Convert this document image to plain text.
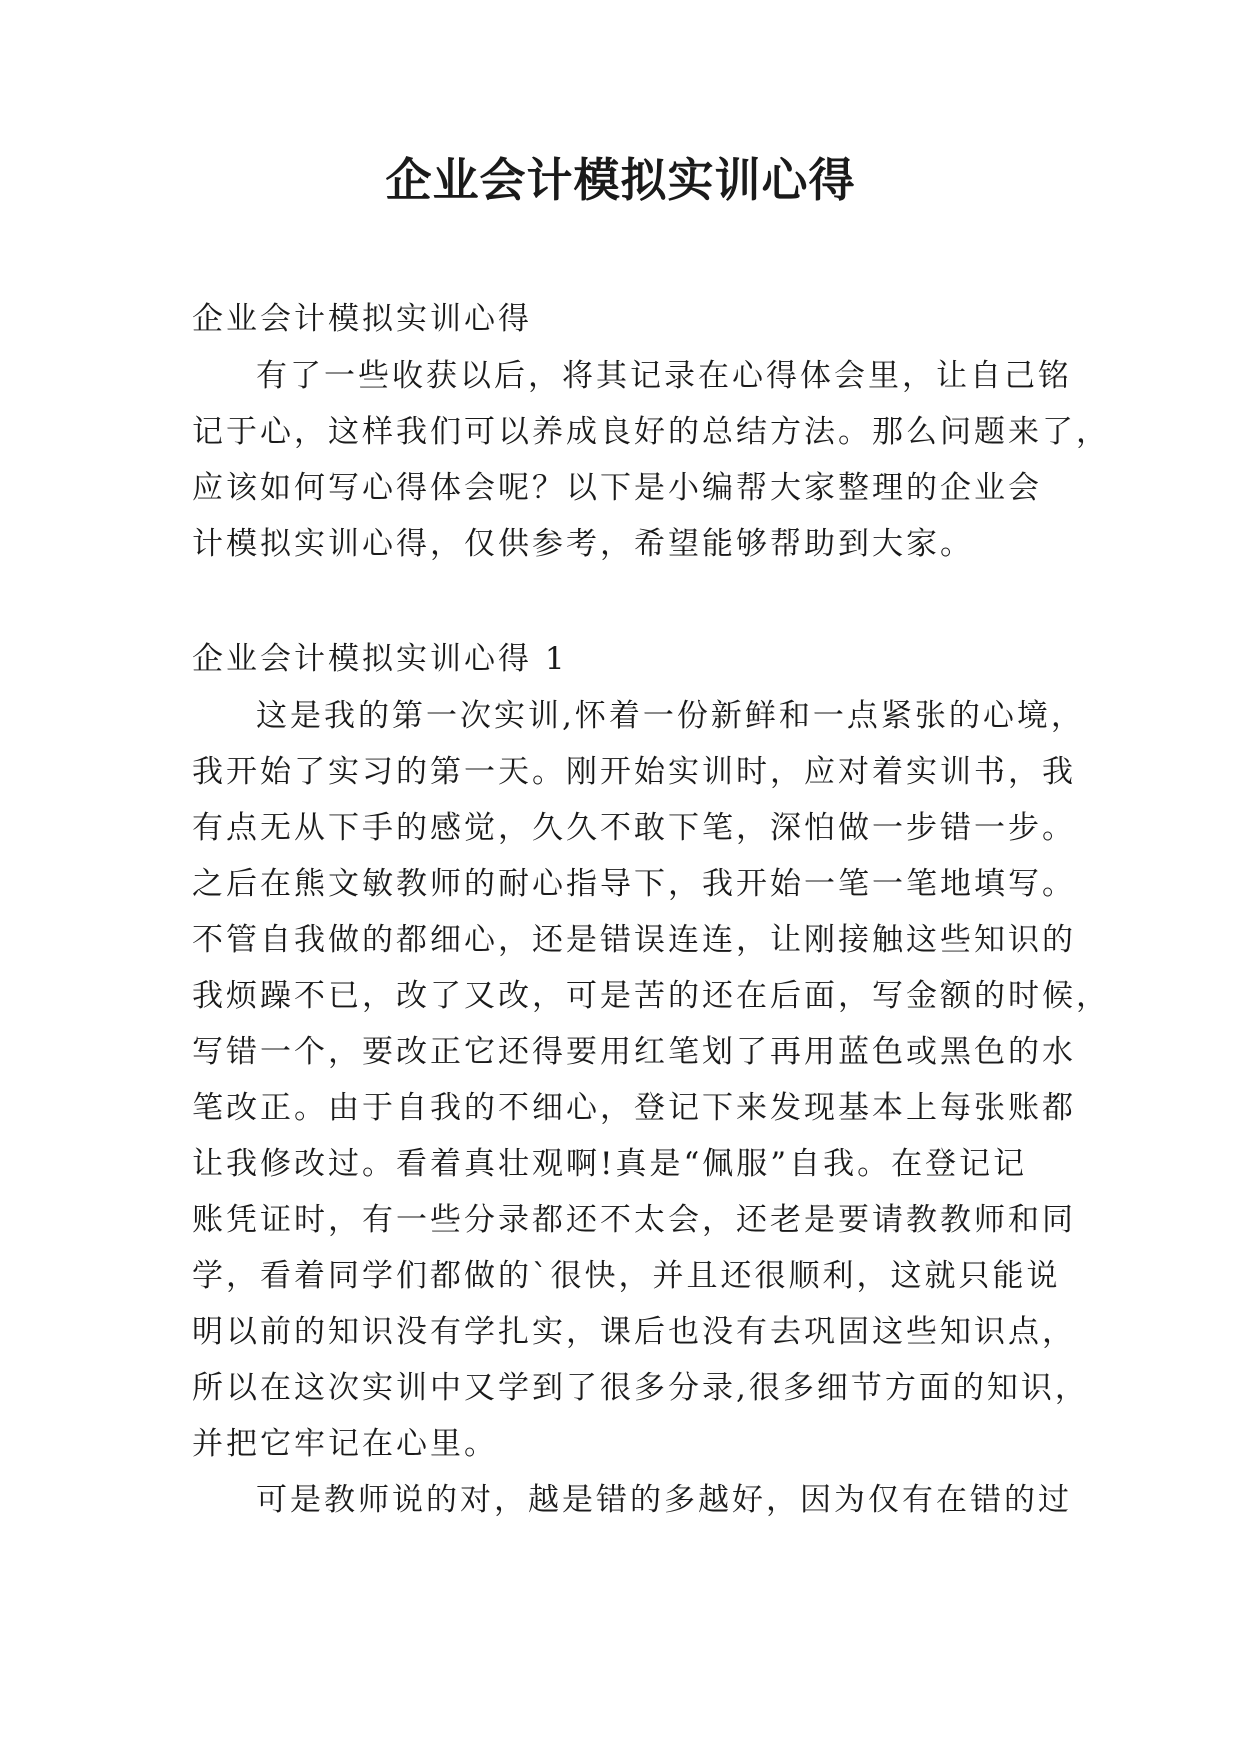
企业会计模拟实训心得
企业会计模拟实训心得
有了一些收获以后，将其记录在心得体会里，让自己铭
记于心，这样我们可以养成良好的总结方法。那么问题来了，
应该如何写心得体会呢？以下是小编帮大家整理的企业会
计模拟实训心得，仅供参考，希望能够帮助到大家。
企业会计模拟实训心得 1
这是我的第一次实训,怀着一份新鲜和一点紧张的心境，
我开始了实习的第一天。刚开始实训时，应对着实训书，我
有点无从下手的感觉，久久不敢下笔，深怕做一步错一步。
之后在熊文敏教师的耐心指导下，我开始一笔一笔地填写。
不管自我做的都细心，还是错误连连，让刚接触这些知识的
我烦躁不已，改了又改，可是苦的还在后面，写金额的时候，
写错一个，要改正它还得要用红笔划了再用蓝色或黑色的水
笔改正。由于自我的不细心，登记下来发现基本上每张账都
让我修改过。看着真壮观啊!真是“佩服”自我。在登记记
账凭证时，有一些分录都还不太会，还老是要请教教师和同
学，看着同学们都做的`很快，并且还很顺利，这就只能说
明以前的知识没有学扎实，课后也没有去巩固这些知识点，
所以在这次实训中又学到了很多分录,很多细节方面的知识，
并把它牢记在心里。
可是教师说的对，越是错的多越好，因为仅有在错的过
